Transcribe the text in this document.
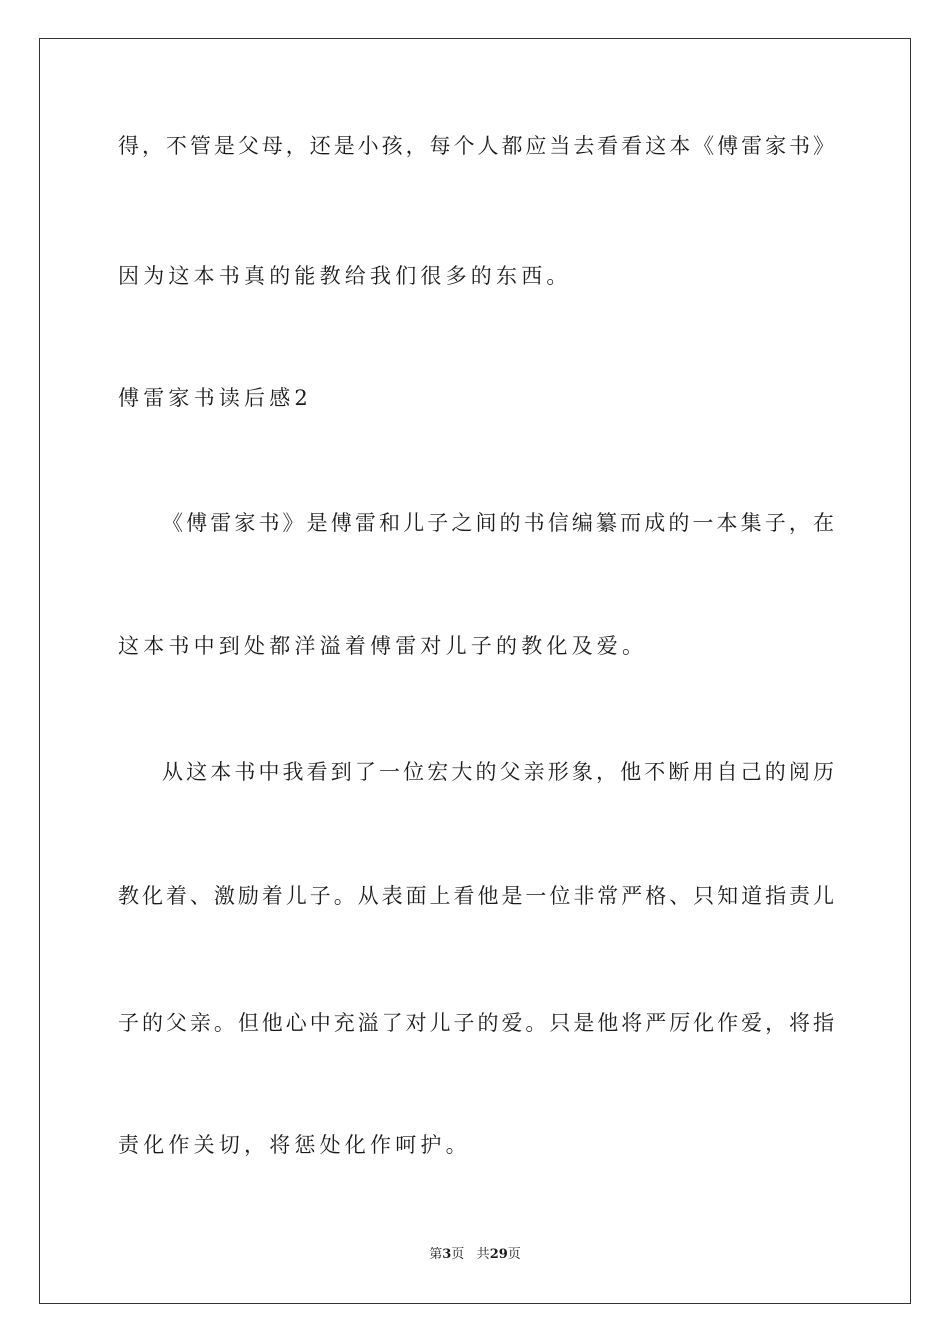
得，不管是父母，还是小孩，每个人都应当去看看这本《傅雷家书》
因为这本书真的能教给我们很多的东西。
傅雷家书读后感2
《傅雷家书》是傅雷和儿子之间的书信编纂而成的一本集子，在
这本书中到处都洋溢着傅雷对儿子的教化及爱。
从这本书中我看到了一位宏大的父亲形象，他不断用自己的阅历
教化着、激励着儿子。从表面上看他是一位非常严格、只知道指责儿
子的父亲。但他心中充溢了对儿子的爱。只是他将严厉化作爱，将指
责化作关切，将惩处化作呵护。
第3页 共29页
